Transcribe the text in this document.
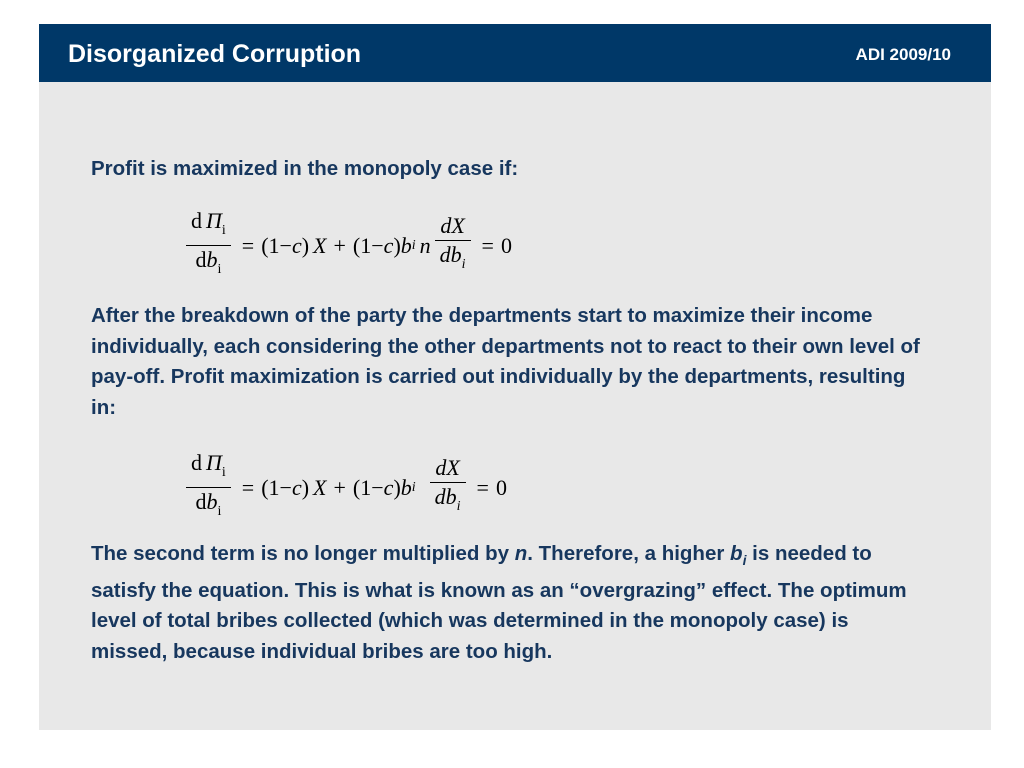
Disorganized Corruption	ADI 2009/10
Profit is maximized in the monopoly case if:
$\frac{d \Pi_i}{db_i} = (1 - c$ ) X + (1 − c ) b i n $\frac{dX}{db_i} = 0$
After the breakdown of the party the departments start to maximize their income individually, each considering the other departments not to react to their own level of pay-off. Profit maximization is carried out individually by the departments, resulting in:
$\frac{d \Pi_i}{db_i} = (1 - c$ ) X + (1 − c ) b i $\frac{dX}{db_i} = 0$
The second term is no longer multiplied by n. Therefore, a higher $b_i$ is needed to satisfy the equation. This is what is known as an “overgrazing” effect. The optimum level of total bribes collected (which was determined in the monopoly case) is missed, because individual bribes are too high.
